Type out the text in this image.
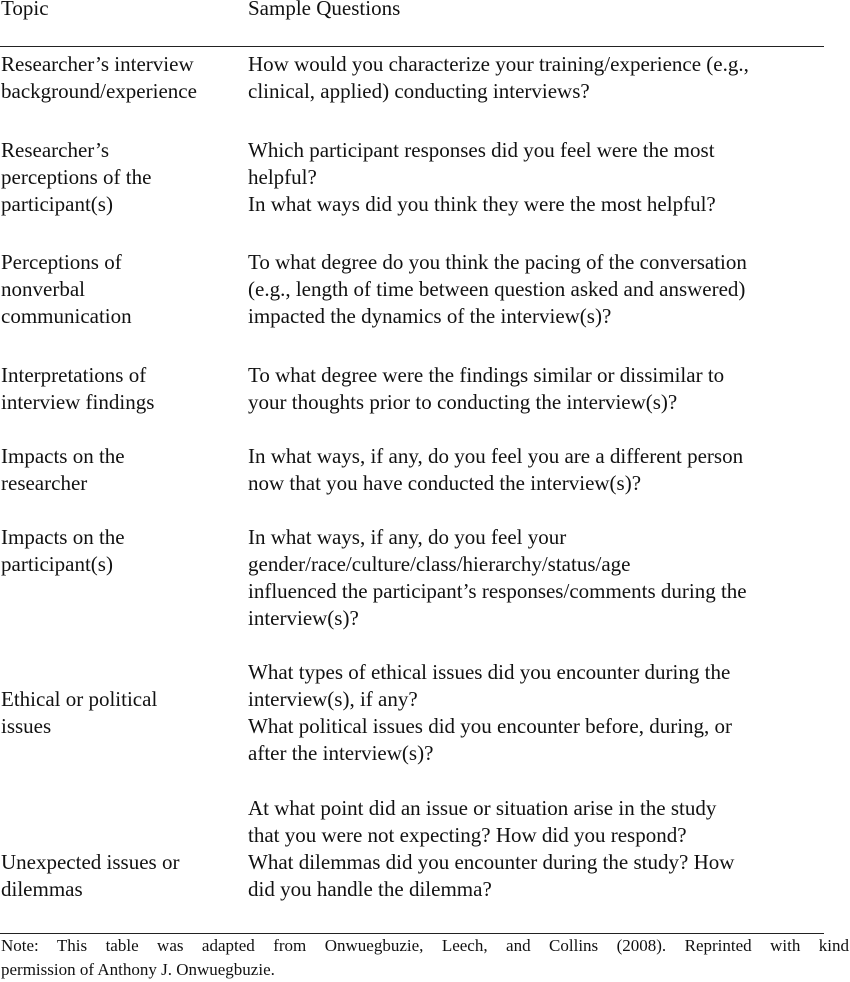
Topic	Sample Questions
Researcher’s interview
background/experience
How would you characterize your training/experience (e.g.,
clinical, applied) conducting interviews?
Researcher’s
perceptions of the
participant(s)
Which participant responses did you feel were the most
helpful?
In what ways did you think they were the most helpful?
Perceptions of
nonverbal
communication
To what degree do you think the pacing of the conversation
(e.g., length of time between question asked and answered)
impacted the dynamics of the interview(s)?
Interpretations of
interview findings
To what degree were the findings similar or dissimilar to
your thoughts prior to conducting the interview(s)?
Impacts on the
researcher
In what ways, if any, do you feel you are a different person
now that you have conducted the interview(s)?
Impacts on the
participant(s)
In what ways, if any, do you feel your
gender/race/culture/class/hierarchy/status/age
influenced the participant’s responses/comments during the
interview(s)?
Ethical or political
issues
What types of ethical issues did you encounter during the
interview(s), if any?
What political issues did you encounter before, during, or
after the interview(s)?
Unexpected issues or
dilemmas
At what point did an issue or situation arise in the study
that you were not expecting? How did you respond?
What dilemmas did you encounter during the study? How
did you handle the dilemma?
Note: This table was adapted from Onwuegbuzie, Leech, and Collins (2008). Reprinted with kind
permission of Anthony J. Onwuegbuzie.
